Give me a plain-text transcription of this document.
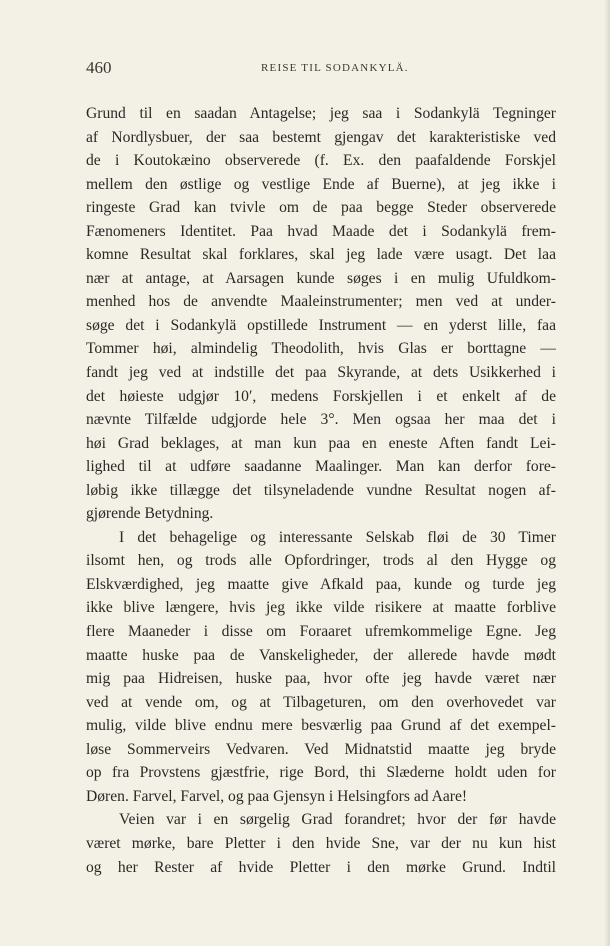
460	REISE TIL SODANKYLÄ.
Grund til en saadan Antagelse; jeg saa i Sodankylä Tegninger
af Nordlysbuer, der saa bestemt gjengav det karakteristiske ved
de i Koutokæino observerede (f. Ex. den paafaldende Forskjel
mellem den østlige og vestlige Ende af Buerne), at jeg ikke i
ringeste Grad kan tvivle om de paa begge Steder observerede
Fænomeners Identitet. Paa hvad Maade det i Sodankylä frem-
komne Resultat skal forklares, skal jeg lade være usagt. Det laa
nær at antage, at Aarsagen kunde søges i en mulig Ufuldkom-
menhed hos de anvendte Maaleinstrumenter; men ved at under-
søge det i Sodankylä opstillede Instrument — en yderst lille, faa
Tommer høi, almindelig Theodolith, hvis Glas er borttagne —
fandt jeg ved at indstille det paa Skyrande, at dets Usikkerhed i
det høieste udgjør 10′, medens Forskjellen i et enkelt af de
nævnte Tilfælde udgjorde hele 3°. Men ogsaa her maa det i
høi Grad beklages, at man kun paa en eneste Aften fandt Lei-
lighed til at udføre saadanne Maalinger. Man kan derfor fore-
løbig ikke tillægge det tilsyneladende vundne Resultat nogen af-
gjørende Betydning.
I det behagelige og interessante Selskab fløi de 30 Timer
ilsomt hen, og trods alle Opfordringer, trods al den Hygge og
Elskværdighed, jeg maatte give Afkald paa, kunde og turde jeg
ikke blive længere, hvis jeg ikke vilde risikere at maatte forblive
flere Maaneder i disse om Foraaret ufremkommelige Egne. Jeg
maatte huske paa de Vanskeligheder, der allerede havde mødt
mig paa Hidreisen, huske paa, hvor ofte jeg havde været nær
ved at vende om, og at Tilbageturen, om den overhovedet var
mulig, vilde blive endnu mere besværlig paa Grund af det exempel-
løse Sommerveirs Vedvaren. Ved Midnatstid maatte jeg bryde
op fra Provstens gjæstfrie, rige Bord, thi Slæderne holdt uden for
Døren. Farvel, Farvel, og paa Gjensyn i Helsingfors ad Aare!
Veien var i en sørgelig Grad forandret; hvor der før havde
været mørke, bare Pletter i den hvide Sne, var der nu kun hist
og her Rester af hvide Pletter i den mørke Grund. Indtil
